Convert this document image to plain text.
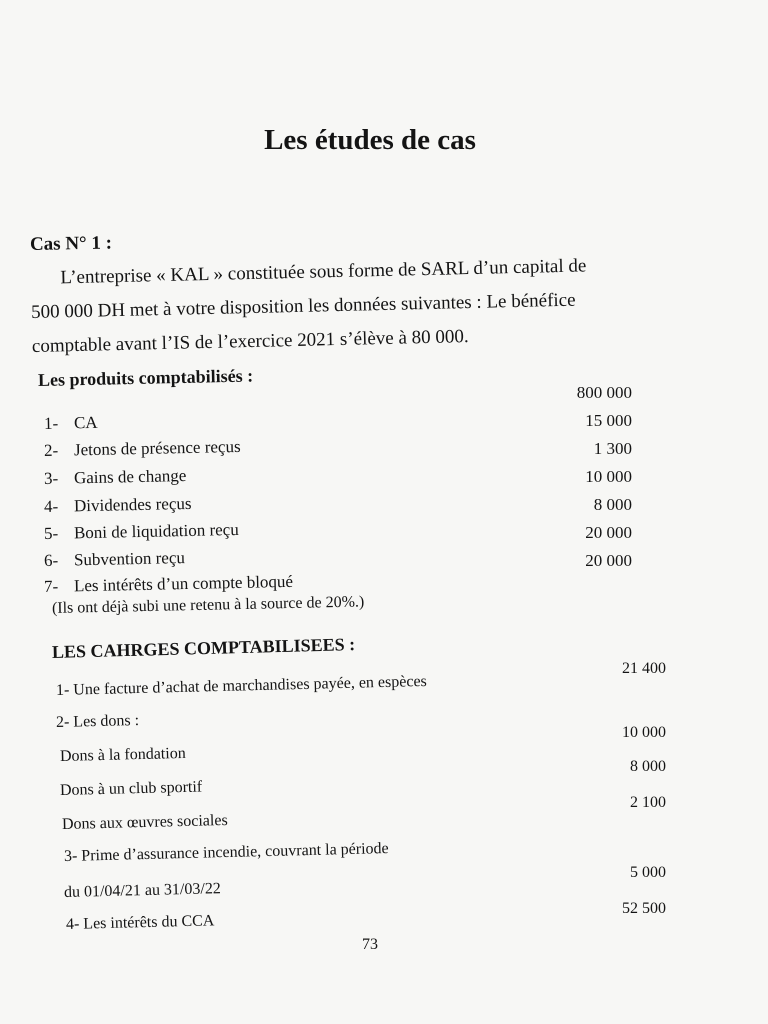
Les études de cas
Cas N° 1 :
L’entreprise « KAL » constituée sous forme de SARL d’un capital de
500 000 DH met à votre disposition les données suivantes : Le bénéfice
comptable avant l’IS de l’exercice 2021 s’élève à 80 000.
Les produits comptabilisés :
1- CA
2- Jetons de présence reçus
3- Gains de change
4- Dividendes reçus
5- Boni de liquidation reçu
6- Subvention reçu
7- Les intérêts d’un compte bloqué
800 000
15 000
1 300
10 000
8 000
20 000
20 000
(Ils ont déjà subi une retenu à la source de 20%.)
LES CAHRGES COMPTABILISEES :
1- Une facture d’achat de marchandises payée, en espèces
2- Les dons :
Dons à la fondation
Dons à un club sportif
Dons aux œuvres sociales
3- Prime d’assurance incendie, couvrant la période
du 01/04/21 au 31/03/22
4- Les intérêts du CCA
21 400
10 000
8 000
2 100
5 000
52 500
73
